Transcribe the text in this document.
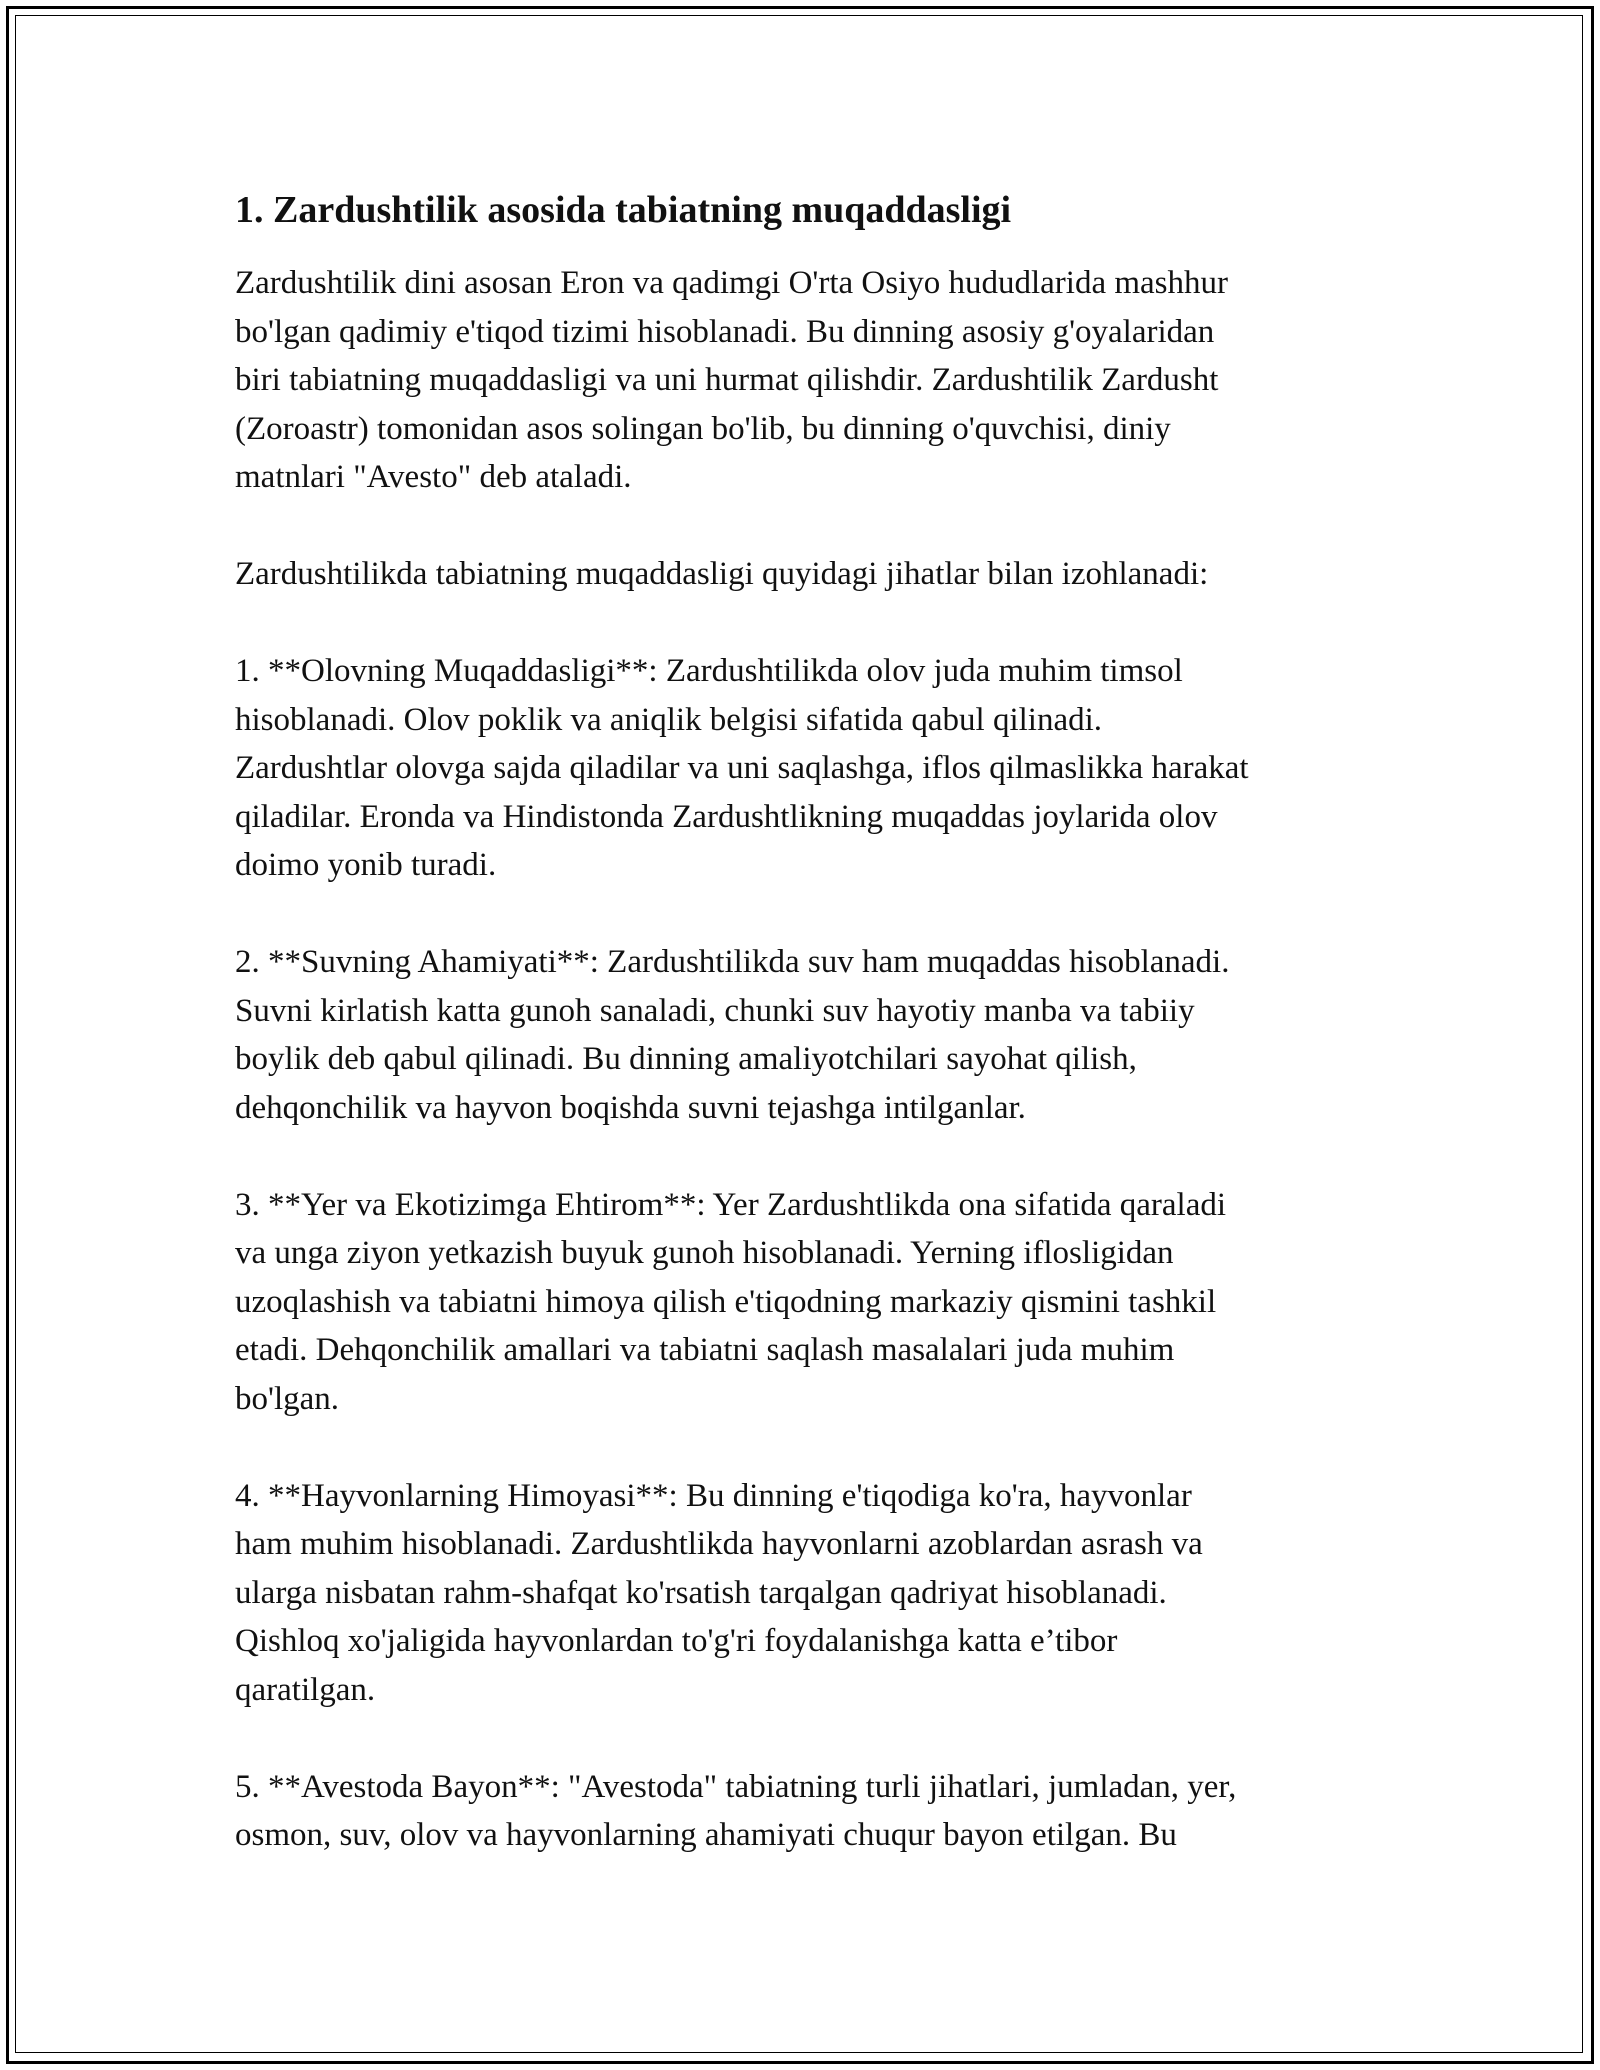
1. Zardushtilik asosida tabiatning muqaddasligi

Zardushtilik dini asosan Eron va qadimgi O'rta Osiyo hududlarida mashhur
bo'lgan qadimiy e'tiqod tizimi hisoblanadi. Bu dinning asosiy g'oyalaridan
biri tabiatning muqaddasligi va uni hurmat qilishdir. Zardushtilik Zardusht
(Zoroastr) tomonidan asos solingan bo'lib, bu dinning o'quvchisi, diniy
matnlari "Avesto" deb ataladi.

Zardushtilikda tabiatning muqaddasligi quyidagi jihatlar bilan izohlanadi:

1. **Olovning Muqaddasligi**: Zardushtilikda olov juda muhim timsol
hisoblanadi. Olov poklik va aniqlik belgisi sifatida qabul qilinadi.
Zardushtlar olovga sajda qiladilar va uni saqlashga, iflos qilmaslikka harakat
qiladilar. Eronda va Hindistonda Zardushtlikning muqaddas joylarida olov
doimo yonib turadi.

2. **Suvning Ahamiyati**: Zardushtilikda suv ham muqaddas hisoblanadi.
Suvni kirlatish katta gunoh sanaladi, chunki suv hayotiy manba va tabiiy
boylik deb qabul qilinadi. Bu dinning amaliyotchilari sayohat qilish,
dehqonchilik va hayvon boqishda suvni tejashga intilganlar.

3. **Yer va Ekotizimga Ehtirom**: Yer Zardushtlikda ona sifatida qaraladi
va unga ziyon yetkazish buyuk gunoh hisoblanadi. Yerning iflosligidan
uzoqlashish va tabiatni himoya qilish e'tiqodning markaziy qismini tashkil
etadi. Dehqonchilik amallari va tabiatni saqlash masalalari juda muhim
bo'lgan.

4. **Hayvonlarning Himoyasi**: Bu dinning e'tiqodiga ko'ra, hayvonlar
ham muhim hisoblanadi. Zardushtlikda hayvonlarni azoblardan asrash va
ularga nisbatan rahm-shafqat ko'rsatish tarqalgan qadriyat hisoblanadi.
Qishloq xo'jaligida hayvonlardan to'g'ri foydalanishga katta e’tibor
qaratilgan.

5. **Avestoda Bayon**: "Avestoda" tabiatning turli jihatlari, jumladan, yer,
osmon, suv, olov va hayvonlarning ahamiyati chuqur bayon etilgan. Bu
